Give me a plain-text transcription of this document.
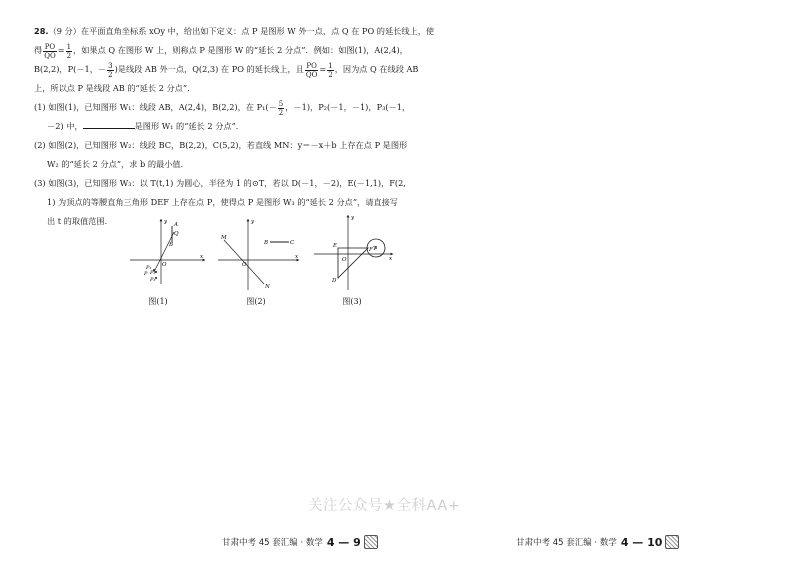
28.（9 分）在平面直角坐标系 xOy 中，给出如下定义：点 P 是图形 W 外一点，点 Q 在 PO 的延长线上，使
得 $\frac{PO}{QO} = \frac{1}{2}$ ，如果点 Q 在图形 W 上，则称点 P 是图形 W 的“延长 2 分点”．例如：如图(1)，A(2,4)，
B(2,2)，P(－1，－ $\frac{3}{2}$ )是线段 AB 外一点，Q(2,3) 在 PO 的延长线上，且 $\frac{PO}{QO} = \frac{1}{2}$ ，因为点 Q 在线段 AB
上，所以点 P 是线段 AB 的“延长 2 分点”．
(1) 如图(1)，已知图形 W₁：线段 AB，A(2,4)，B(2,2)，在 $P_1(- \frac{5}{2}$ ，－1)，P₂(－1，－1)，P₃(－1，
－2) 中，	是图形 W₁ 的“延长 2 分点”．
(2) 如图(2)，已知图形 W₂：线段 BC，B(2,2)，C(5,2)，若直线 MN：y＝－x＋b 上存在点 P 是图形
W₂ 的“延长 2 分点”，求 b 的最小值．
(3) 如图(3)，已知图形 W₃：以 T(t,1) 为圆心，半径为 1 的⊙T，若以 D(－1，－2)，E(－1,1)，F(2,
1) 为顶点的等腰直角三角形 DEF 上存在点 P，使得点 P 是图形 W₃ 的“延长 2 分点”，请直接写
出 t 的取值范围．	y
x
O
A
Q
B
P₁
P P₂
P₃
图(1)
y
x
O
M
N
B	C
图(2)
y
x
O
E
F
D
T
图(3)
关注公众号★全科AA+
甘肃中考 45 套汇编 · 数学 4 — 9	甘肃中考 45 套汇编 · 数学 4 — 10
